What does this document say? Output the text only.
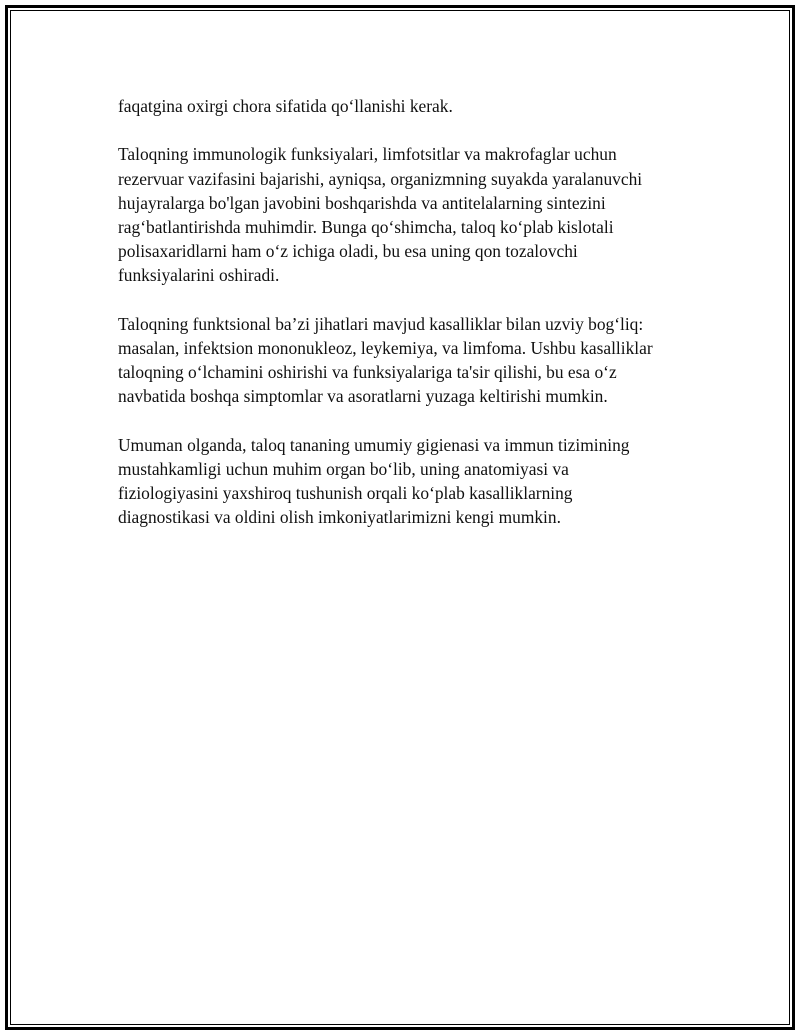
faqatgina oxirgi chora sifatida qo‘llanishi kerak.

Taloqning immunologik funksiyalari, limfotsitlar va makrofaglar uchun
rezervuar vazifasini bajarishi, ayniqsa, organizmning suyakda yaralanuvchi
hujayralarga bo'lgan javobini boshqarishda va antitelalarning sintezini
rag‘batlantirishda muhimdir. Bunga qo‘shimcha, taloq ko‘plab kislotali
polisaxaridlarni ham o‘z ichiga oladi, bu esa uning qon tozalovchi
funksiyalarini oshiradi.

Taloqning funktsional ba’zi jihatlari mavjud kasalliklar bilan uzviy bog‘liq:
masalan, infektsion mononukleoz, leykemiya, va limfoma. Ushbu kasalliklar
taloqning o‘lchamini oshirishi va funksiyalariga ta'sir qilishi, bu esa o‘z
navbatida boshqa simptomlar va asoratlarni yuzaga keltirishi mumkin.

Umuman olganda, taloq tananing umumiy gigienasi va immun tizimining
mustahkamligi uchun muhim organ bo‘lib, uning anatomiyasi va
fiziologiyasini yaxshiroq tushunish orqali ko‘plab kasalliklarning
diagnostikasi va oldini olish imkoniyatlarimizni kengi mumkin.
